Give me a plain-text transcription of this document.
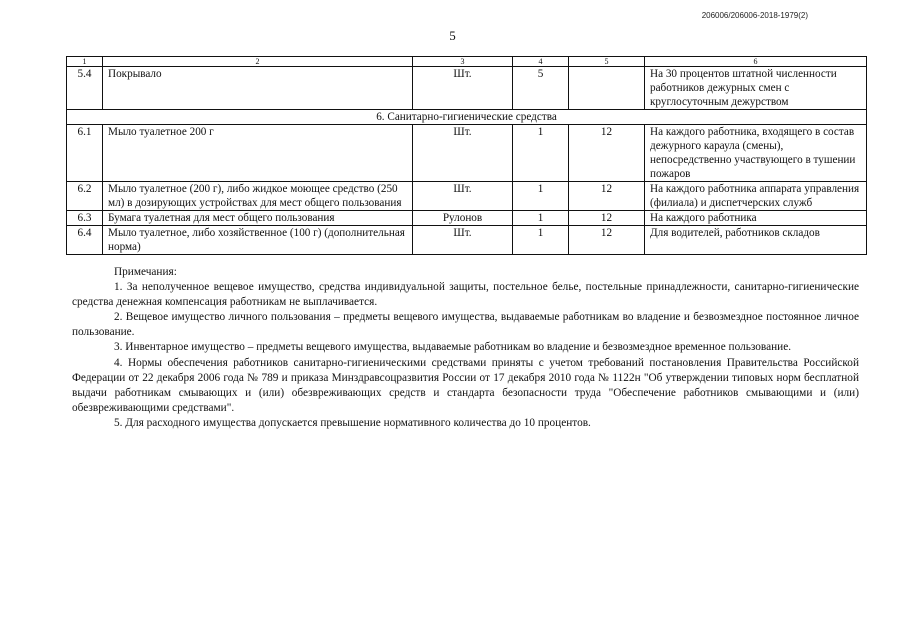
206006/206006-2018-1979(2)
5
1	2	3	4	5	6
5.4	Покрывало	Шт.	5		На 30 процентов штатной численности работников дежурных смен с круглосуточным дежурством
6. Санитарно-гигиенические средства					
6.1	Мыло туалетное 200 г	Шт.	1	12	На каждого работника, входящего в состав дежурного караула (смены), непосредственно участвующего в тушении пожаров
6.2	Мыло туалетное (200 г), либо жидкое моющее средство (250 мл) в дозирующих устройствах для мест общего пользования	Шт.	1	12	На каждого работника аппарата управления (филиала) и диспетчерских служб
6.3	Бумага туалетная для мест общего пользования	Рулонов	1	12	На каждого работника
6.4	Мыло туалетное, либо хозяйственное (100 г) (дополнительная норма)	Шт.	1	12	Для водителей, работников складов
Примечания:

1. За неполученное вещевое имущество, средства индивидуальной защиты, постельное белье, постельные принадлежности, санитарно-гигиенические средства денежная компенсация работникам не выплачивается.

2. Вещевое имущество личного пользования – предметы вещевого имущества, выдаваемые работникам во владение и безвозмездное постоянное личное пользование.

3. Инвентарное имущество – предметы вещевого имущества, выдаваемые работникам во владение и безвозмездное временное пользование.

4. Нормы обеспечения работников санитарно-гигиеническими средствами приняты с учетом требований постановления Правительства Российской Федерации от 22 декабря 2006 года № 789 и приказа Минздравсоцразвития России от 17 декабря 2010 года № 1122н "Об утверждении типовых норм бесплатной выдачи работникам смывающих и (или) обезвреживающих средств и стандарта безопасности труда "Обеспечение работников смывающими и (или) обезвреживающими средствами".

5. Для расходного имущества допускается превышение нормативного количества до 10 процентов.
